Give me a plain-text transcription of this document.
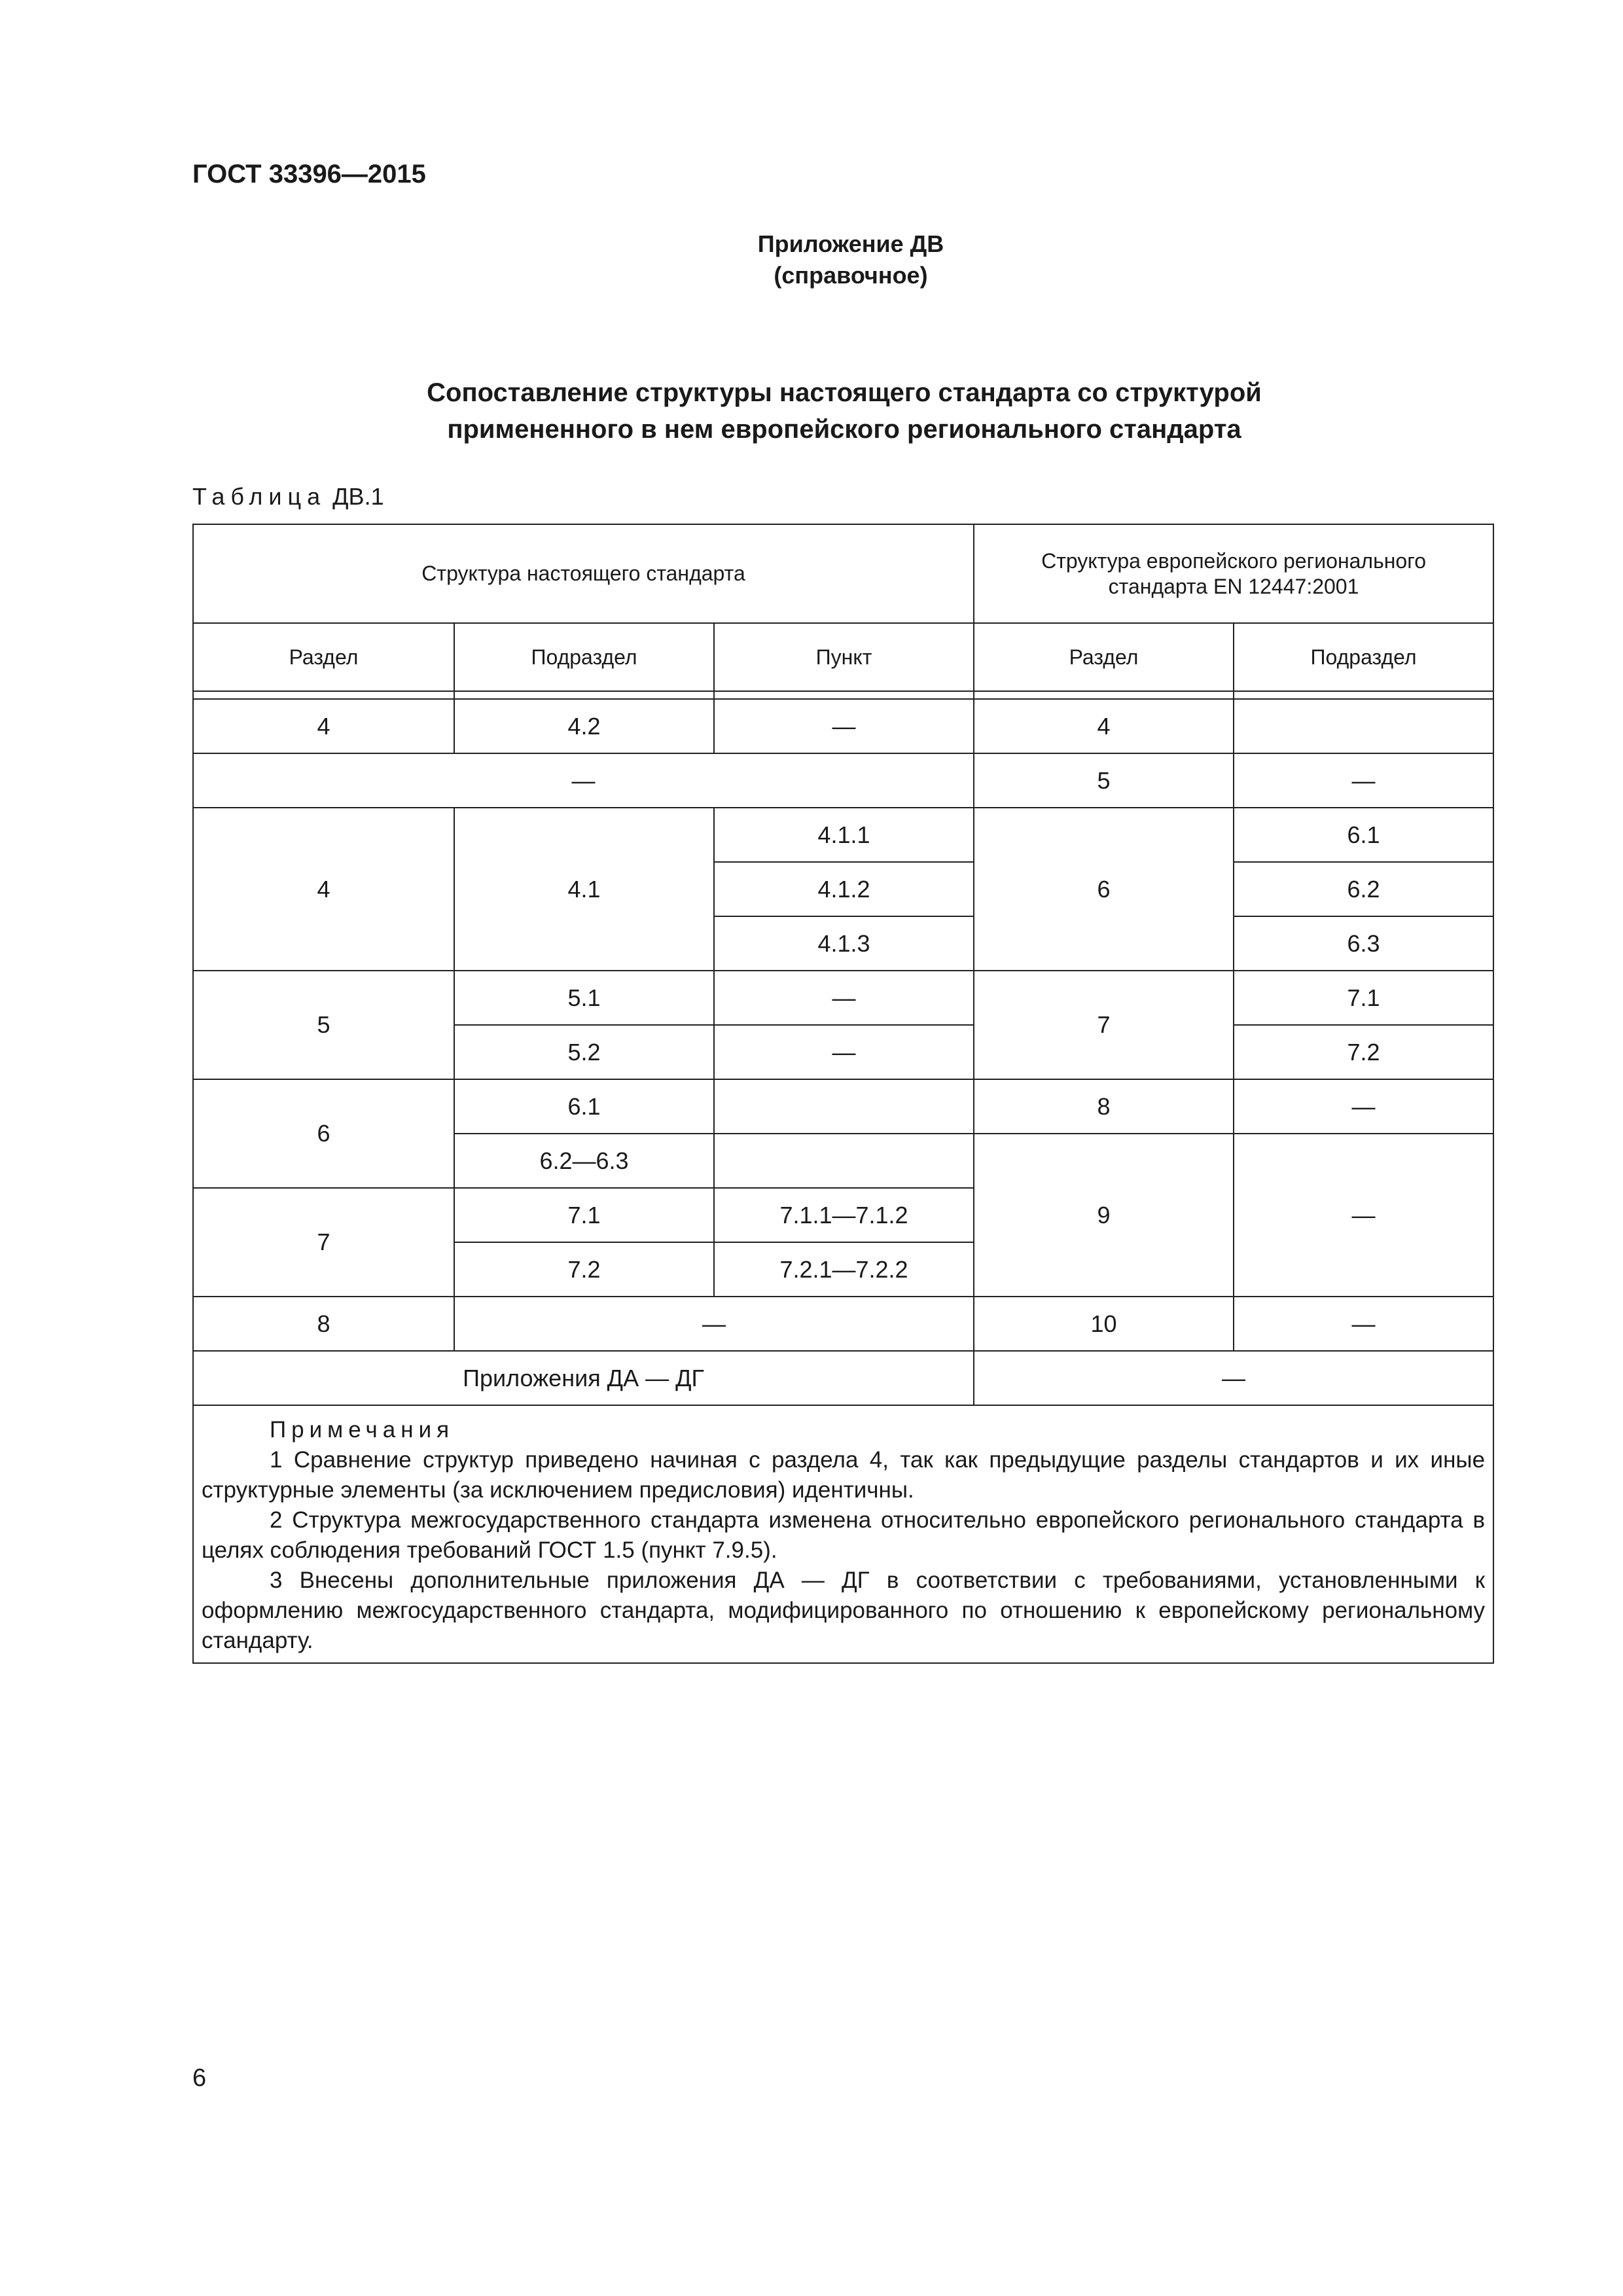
ГОСТ 33396—2015
Приложение ДВ
(справочное)
Сопоставление структуры настоящего стандарта со структурой
примененного в нем европейского регионального стандарта
Таблица ДВ.1
Структура настоящего стандарта			Структура европейского регионального
стандарта EN 12447:2001	

Раздел	Подраздел	Пункт	Раздел	Подраздел

4	4.2	—	4	
—			5	—
4	4.1	4.1.1	6	6.1
		4.1.2		6.2
		4.1.3		6.3
5	5.1	—	7	7.1
	5.2	—		7.2
6	6.1		8	—
	6.2—6.3		9	—
7	7.1	7.1.1—7.1.2		
	7.2	7.2.1—7.2.2		
8	—		10	—
Приложения ДА — ДГ			—	

Примечания
1 Сравнение структур приведено начиная с раздела 4, так как предыдущие разделы стандартов и их иные структурные элементы (за исключением предисловия) идентичны.
2 Структура межгосударственного стандарта изменена относительно европейского регионального стандарта в целях соблюдения требований ГОСТ 1.5 (пункт 7.9.5).
3 Внесены дополнительные приложения ДА — ДГ в соответствии с требованиями, установленными к оформлению межгосударственного стандарта, модифицированного по отношению к европейскому региональному стандарту.				
6
